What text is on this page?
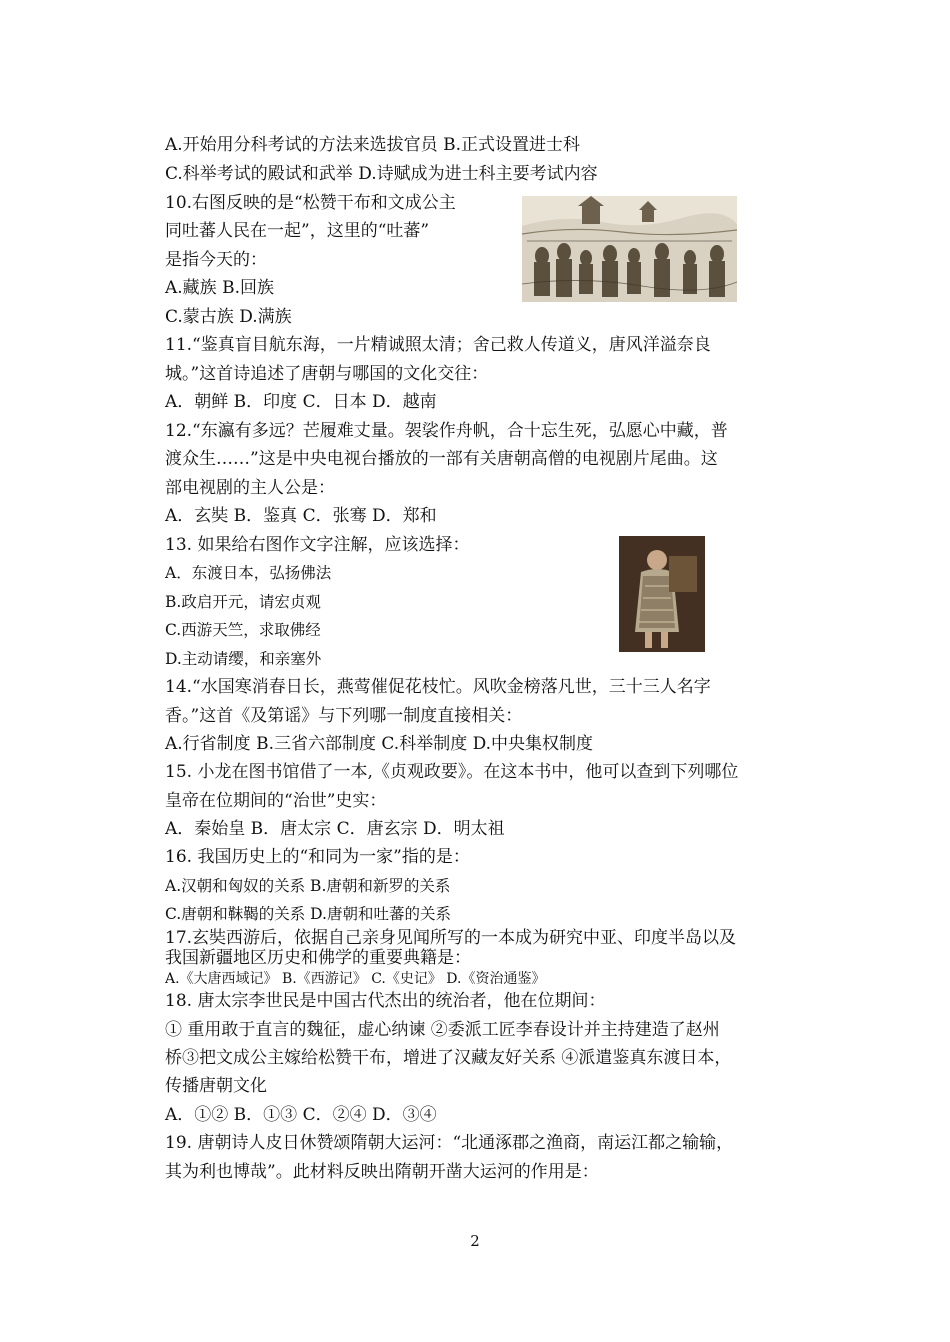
A.开始用分科考试的方法来选拔官员 B.正式设置进士科
C.科举考试的殿试和武举 D.诗赋成为进士科主要考试内容
10.右图反映的是“松赞干布和文成公主
同吐蕃人民在一起”，这里的“吐蕃”
是指今天的：
A.藏族 B.回族
C.蒙古族 D.满族
11.“鉴真盲目航东海，一片精诚照太清；舍己救人传道义，唐风洋溢奈良
城。”这首诗追述了唐朝与哪国的文化交往：
A．朝鲜 B．印度 C．日本 D．越南
12.“东瀛有多远？芒履难丈量。袈裟作舟帆，合十忘生死，弘愿心中藏，普
渡众生……”这是中央电视台播放的一部有关唐朝高僧的电视剧片尾曲。这
部电视剧的主人公是：
A．玄奘 B．鉴真 C．张骞 D．郑和
13. 如果给右图作文字注解，应该选择：
A．东渡日本，弘扬佛法
B.政启开元，请宏贞观
C.西游天竺，求取佛经
D.主动请缨，和亲塞外
14.“水国寒消春日长，燕莺催促花枝忙。风吹金榜落凡世，三十三人名字
香。”这首《及第谣》与下列哪一制度直接相关：
A.行省制度 B.三省六部制度 C.科举制度 D.中央集权制度
15. 小龙在图书馆借了一本,《贞观政要》。在这本书中，他可以查到下列哪位
皇帝在位期间的“治世”史实：
A．秦始皇 B．唐太宗 C．唐玄宗 D．明太祖
16. 我国历史上的“和同为一家”指的是：
A.汉朝和匈奴的关系 B.唐朝和新罗的关系
C.唐朝和靺鞨的关系 D.唐朝和吐蕃的关系
17.玄奘西游后，依据自己亲身见闻所写的一本成为研究中亚、印度半岛以及
我国新疆地区历史和佛学的重要典籍是：
A.《大唐西域记》 B.《西游记》 C.《史记》 D.《资治通鉴》
18. 唐太宗李世民是中国古代杰出的统治者，他在位期间：
① 重用敢于直言的魏征，虚心纳谏 ②委派工匠李春设计并主持建造了赵州
桥③把文成公主嫁给松赞干布，增进了汉藏友好关系 ④派遣鉴真东渡日本，
传播唐朝文化
A．①② B．①③ C．②④ D．③④
19. 唐朝诗人皮日休赞颂隋朝大运河：“北通涿郡之渔商，南运江都之输输，
其为利也博哉”。此材料反映出隋朝开凿大运河的作用是：
2
